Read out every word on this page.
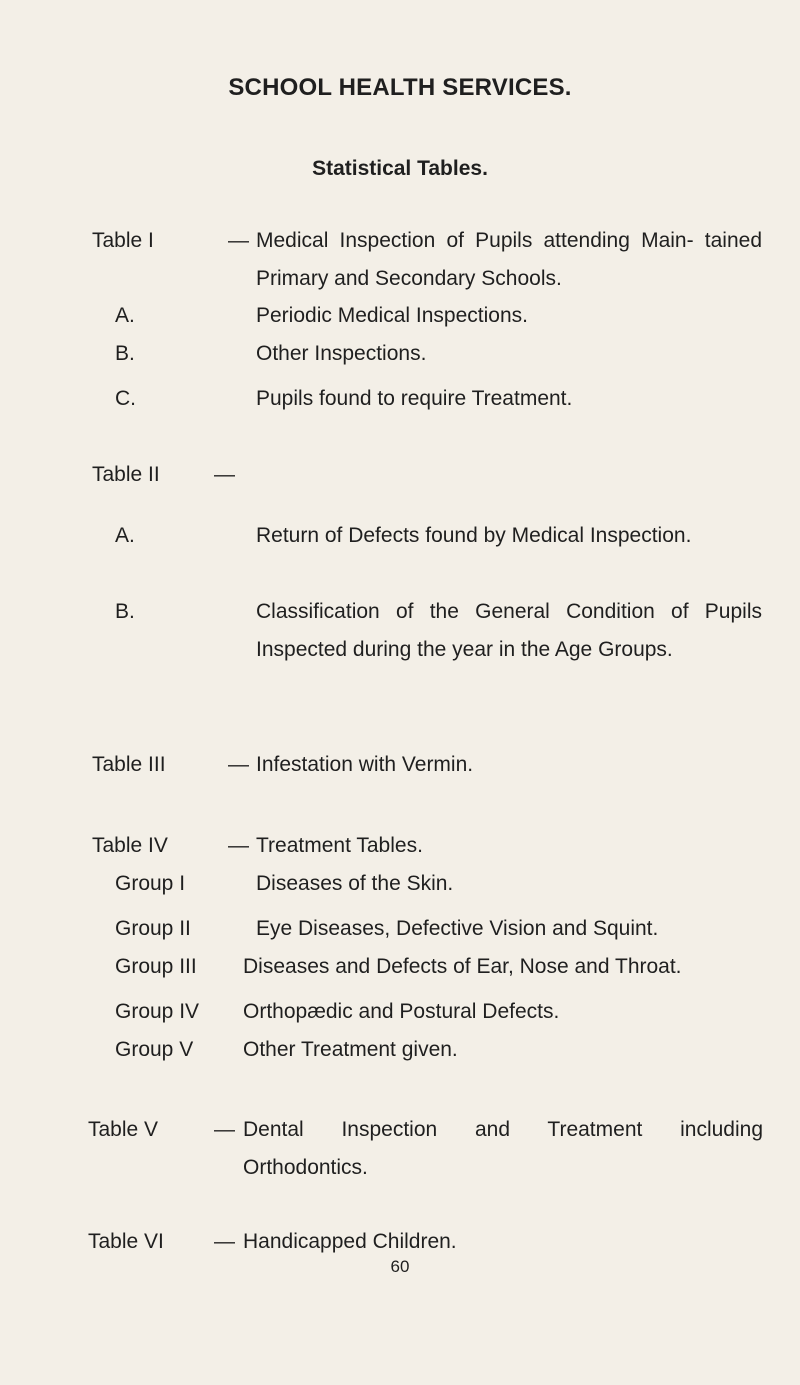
SCHOOL HEALTH SERVICES.
Statistical Tables.
Table I	— Medical Inspection of Pupils attending Main- tained Primary and Secondary Schools.
A.	Periodic Medical Inspections.
B.	Other Inspections.
C.	Pupils found to require Treatment.
Table II	—
A.	Return of Defects found by Medical Inspection.
B.	Classification of the General Condition of Pupils Inspected during the year in the Age Groups.
Table III	— Infestation with Vermin.
Table IV	— Treatment Tables.
Group I	Diseases of the Skin.
Group II	Eye Diseases, Defective Vision and Squint.
Group III Diseases and Defects of Ear, Nose and Throat.
Group IV Orthopædic and Postural Defects.
Group V Other Treatment given.
Table V	— Dental Inspection and Treatment including Orthodontics.
Table VI — Handicapped Children.
60
